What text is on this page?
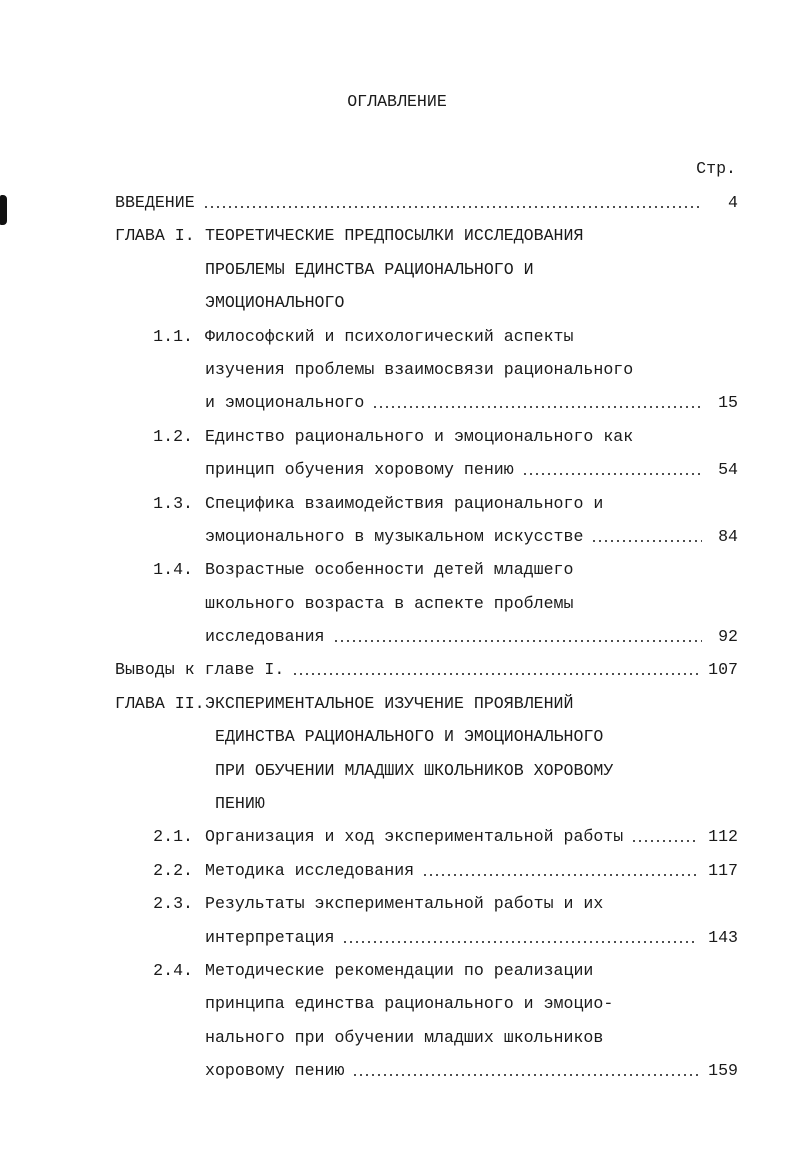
ОГЛАВЛЕНИЕ
Стр.
ВВЕДЕНИЕ	4
ГЛАВА I. ТЕОРЕТИЧЕСКИЕ ПРЕДПОСЫЛКИ ИССЛЕДОВАНИЯ
ПРОБЛЕМЫ ЕДИНСТВА РАЦИОНАЛЬНОГО И
ЭМОЦИОНАЛЬНОГО
1.1. Философский и психологический аспекты
изучения проблемы взаимосвязи рационального
и эмоционального	15
1.2. Единство рационального и эмоционального как
принцип обучения хоровому пению	54
1.3. Специфика взаимодействия рационального и
эмоционального в музыкальном искусстве	84
1.4. Возрастные особенности детей младшего
школьного возраста в аспекте проблемы
исследования	92
Выводы к главе I.	107
ГЛАВА II. ЭКСПЕРИМЕНТАЛЬНОЕ ИЗУЧЕНИЕ ПРОЯВЛЕНИЙ
ЕДИНСТВА РАЦИОНАЛЬНОГО И ЭМОЦИОНАЛЬНОГО
ПРИ ОБУЧЕНИИ МЛАДШИХ ШКОЛЬНИКОВ ХОРОВОМУ
ПЕНИЮ
2.1. Организация и ход экспериментальной работы	112
2.2. Методика исследования	117
2.3. Результаты экспериментальной работы и их
интерпретация	143
2.4. Методические рекомендации по реализации
принципа единства рационального и эмоцио-
нального при обучении младших школьников
хоровому пению	159
